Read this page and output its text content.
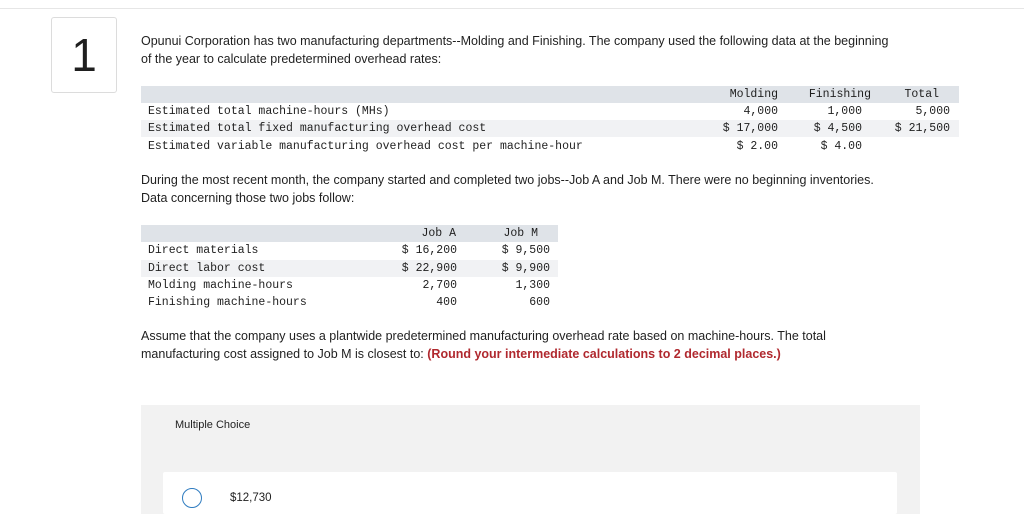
1	Opunui Corporation has two manufacturing departments--Molding and Finishing. The company used the following data at the beginning
of the year to calculate predetermined overhead rates:
Molding	Finishing	Total
Estimated total machine-hours (MHs)	4,000	1,000	5,000
Estimated total fixed manufacturing overhead cost	$ 17,000	$ 4,500	$ 21,500
Estimated variable manufacturing overhead cost per machine-hour	$ 2.00	$ 4.00
During the most recent month, the company started and completed two jobs--Job A and Job M. There were no beginning inventories.
Data concerning those two jobs follow:
Job A	Job M
Direct materials	$ 16,200	$ 9,500
Direct labor cost	$ 22,900	$ 9,900
Molding machine-hours	2,700	1,300
Finishing machine-hours	400	600
Assume that the company uses a plantwide predetermined manufacturing overhead rate based on machine-hours. The total
manufacturing cost assigned to Job M is closest to: (Round your intermediate calculations to 2 decimal places.)
Multiple Choice
$12,730
